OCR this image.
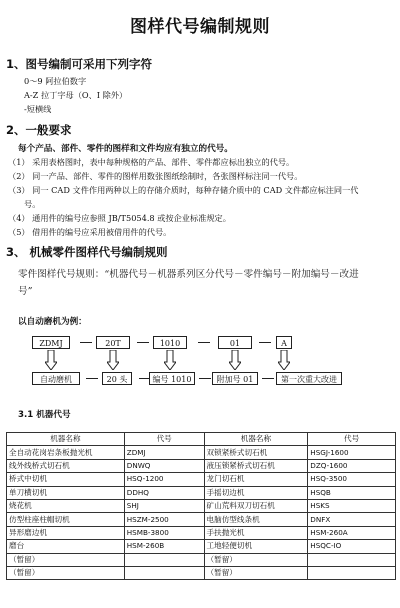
图样代号编制规则
1、图号编制可采用下列字符
0～9 阿拉伯数字
A-Z 拉丁字母（O、I 除外）
-短横线
2、一般要求
每个产品、部件、零件的图样和文件均应有独立的代号。
（1） 采用表格图时，表中每种规格的产品、部件、零件都应标出独立的代号。
（2） 同一产品、部件、零件的图样用数张图纸绘制时，各张图样标注同一代号。
（3） 同一 CAD 文件作用两种以上的存储介质时，每种存储介质中的 CAD 文件都应标注同一代
号。
（4） 通用件的编号应参照 JB/T5054.8 或按企业标准规定。
（5） 借用件的编号应采用被借用件的代号。
3、 机械零件图样代号编制规则
零件图样代号规则：“机器代号－机器系列区分代号－零件编号－附加编号－改进
号”
以自动磨机为例：
ZDMJ	20T	1010	01	A
自动磨机	20 头	编号 1010	附加号 01	第一次重大改进
3.1 机器代号
机器名称	代号	机器名称	代号
全自动花岗岩条板抛光机	ZDMJ	双锁紧桥式切石机	HSGJ-1600
线外线桥式切石机	DNWQ	液压锁紧桥式切石机	DZQ-1600
桥式中切机	HSQ-1200	龙门切石机	HSQ-3500
单刀横切机	DDHQ	手摇切边机	HSQB
烧花机	SHJ	矿山荒料双刀切石机	HSKS
仿型柱座柱帽切机	HSZM-2500	电脑仿型线条机	DNFX
异形磨边机	HSMB-3800	手扶抛光机	HSM-260A
磨台	HSM-260B	工地轻便切机	HSQC-IO
（暂留）		（暂留）	
（暂留）		（暂留）	
